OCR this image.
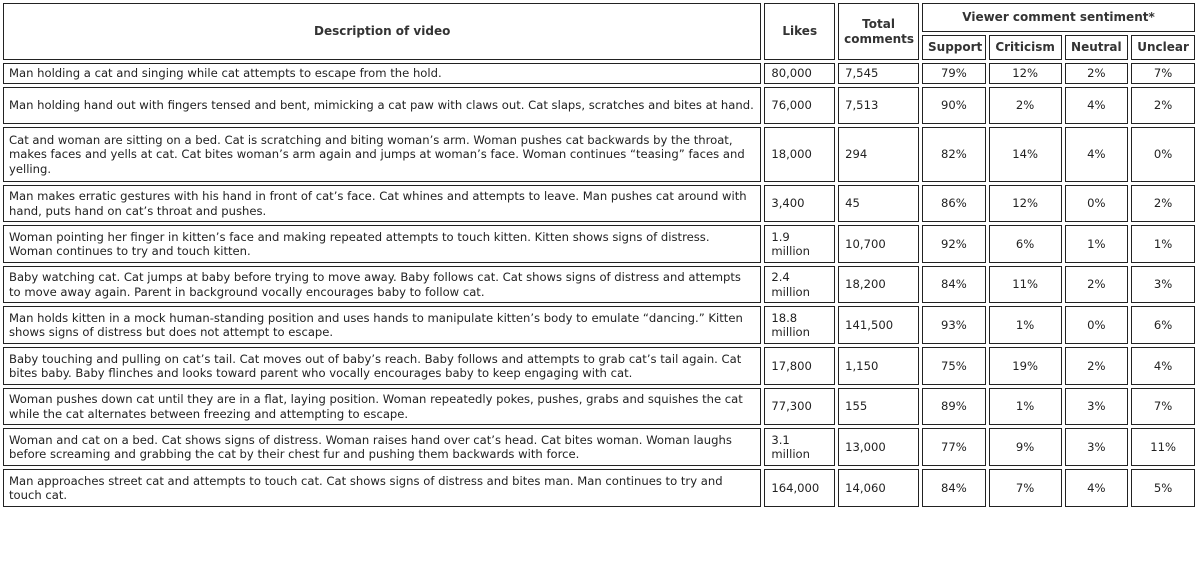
Description of video	Likes	Total comments	Viewer comment sentiment*			
			Support	Criticism	Neutral	Unclear
Man holding a cat and singing while cat attempts to escape from the hold.	80,000	7,545	79%	12%	2%	7%
Man holding hand out with fingers tensed and bent, mimicking a cat paw with claws out. Cat slaps, scratches and bites at hand.	76,000	7,513	90%	2%	4%	2%
Cat and woman are sitting on a bed. Cat is scratching and biting woman’s arm. Woman pushes cat backwards by the throat, makes faces and yells at cat. Cat bites woman’s arm again and jumps at woman’s face. Woman continues “teasing” faces and yelling.	18,000	294	82%	14%	4%	0%
Man makes erratic gestures with his hand in front of cat’s face. Cat whines and attempts to leave. Man pushes cat around with hand, puts hand on cat’s throat and pushes.	3,400	45	86%	12%	0%	2%
Woman pointing her finger in kitten’s face and making repeated attempts to touch kitten. Kitten shows signs of distress. Woman continues to try and touch kitten.	1.9 million	10,700	92%	6%	1%	1%
Baby watching cat. Cat jumps at baby before trying to move away. Baby follows cat. Cat shows signs of distress and attempts to move away again. Parent in background vocally encourages baby to follow cat.	2.4 million	18,200	84%	11%	2%	3%
Man holds kitten in a mock human-standing position and uses hands to manipulate kitten’s body to emulate “dancing.” Kitten shows signs of distress but does not attempt to escape.	18.8 million	141,500	93%	1%	0%	6%
Baby touching and pulling on cat’s tail. Cat moves out of baby’s reach. Baby follows and attempts to grab cat’s tail again. Cat bites baby. Baby flinches and looks toward parent who vocally encourages baby to keep engaging with cat.	17,800	1,150	75%	19%	2%	4%
Woman pushes down cat until they are in a flat, laying position. Woman repeatedly pokes, pushes, grabs and squishes the cat while the cat alternates between freezing and attempting to escape.	77,300	155	89%	1%	3%	7%
Woman and cat on a bed. Cat shows signs of distress. Woman raises hand over cat’s head. Cat bites woman. Woman laughs before screaming and grabbing the cat by their chest fur and pushing them backwards with force.	3.1 million	13,000	77%	9%	3%	11%
Man approaches street cat and attempts to touch cat. Cat shows signs of distress and bites man. Man continues to try and touch cat.	164,000	14,060	84%	7%	4%	5%
